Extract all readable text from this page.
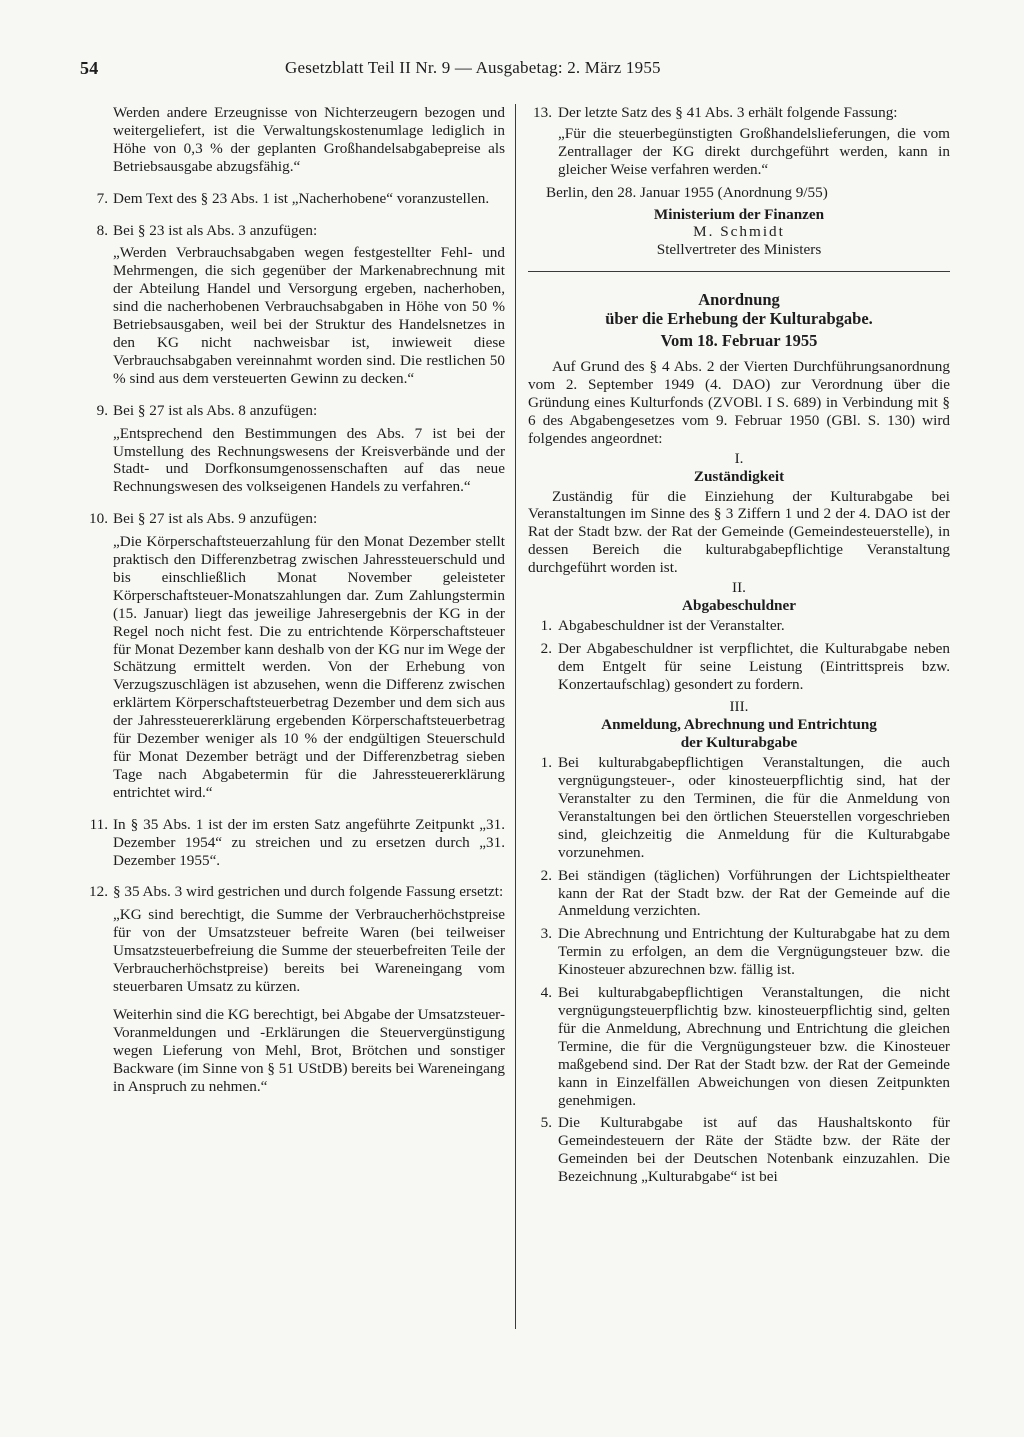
54	Gesetzblatt Teil II Nr. 9 — Ausgabetag: 2. März 1955
Werden andere Erzeugnisse von Nichterzeugern bezogen und weitergeliefert, ist die Verwaltungskostenumlage lediglich in Höhe von 0,3 % der geplanten Großhandelsabgabepreise als Betriebsausgabe abzugsfähig.“
7. Dem Text des § 23 Abs. 1 ist „Nacherhobene“ voranzustellen.
8. Bei § 23 ist als Abs. 3 anzufügen:
„Werden Verbrauchsabgaben wegen festgestellter Fehl- und Mehrmengen, die sich gegenüber der Markenabrechnung mit der Abteilung Handel und Versorgung ergeben, nacherhoben, sind die nacherhobenen Verbrauchsabgaben in Höhe von 50 % Betriebsausgaben, weil bei der Struktur des Handelsnetzes in den KG nicht nachweisbar ist, inwieweit diese Verbrauchsabgaben vereinnahmt worden sind. Die restlichen 50 % sind aus dem versteuerten Gewinn zu decken.“
9. Bei § 27 ist als Abs. 8 anzufügen:
„Entsprechend den Bestimmungen des Abs. 7 ist bei der Umstellung des Rechnungswesens der Kreisverbände und der Stadt- und Dorfkonsumgenossenschaften auf das neue Rechnungswesen des volkseigenen Handels zu verfahren.“
10. Bei § 27 ist als Abs. 9 anzufügen:
„Die Körperschaftsteuerzahlung für den Monat Dezember stellt praktisch den Differenzbetrag zwischen Jahressteuerschuld und bis einschließlich Monat November geleisteter Körperschaftsteuer-Monatszahlungen dar. Zum Zahlungstermin (15. Januar) liegt das jeweilige Jahresergebnis der KG in der Regel noch nicht fest. Die zu entrichtende Körperschaftsteuer für Monat Dezember kann deshalb von der KG nur im Wege der Schätzung ermittelt werden. Von der Erhebung von Verzugszuschlägen ist abzusehen, wenn die Differenz zwischen erklärtem Körperschaftsteuerbetrag Dezember und dem sich aus der Jahressteuererklärung ergebenden Körperschaftsteuerbetrag für Dezember weniger als 10 % der endgültigen Steuerschuld für Monat Dezember beträgt und der Differenzbetrag sieben Tage nach Abgabetermin für die Jahressteuererklärung entrichtet wird.“
11. In § 35 Abs. 1 ist der im ersten Satz angeführte Zeitpunkt „31. Dezember 1954“ zu streichen und zu ersetzen durch „31. Dezember 1955“.
12. § 35 Abs. 3 wird gestrichen und durch folgende Fassung ersetzt:
„KG sind berechtigt, die Summe der Verbraucherhöchstpreise für von der Umsatzsteuer befreite Waren (bei teilweiser Umsatzsteuerbefreiung die Summe der steuerbefreiten Teile der Verbraucherhöchstpreise) bereits bei Wareneingang vom steuerbaren Umsatz zu kürzen.
Weiterhin sind die KG berechtigt, bei Abgabe der Umsatzsteuer-Voranmeldungen und -Erklärungen die Steuervergünstigung wegen Lieferung von Mehl, Brot, Brötchen und sonstiger Backware (im Sinne von § 51 UStDB) bereits bei Wareneingang in Anspruch zu nehmen.“
13. Der letzte Satz des § 41 Abs. 3 erhält folgende Fassung:
„Für die steuerbegünstigten Großhandelslieferungen, die vom Zentrallager der KG direkt durchgeführt werden, kann in gleicher Weise verfahren werden.“
Berlin, den 28. Januar 1955 (Anordnung 9/55)
Ministerium der Finanzen
M. Schmidt
Stellvertreter des Ministers
Anordnung
über die Erhebung der Kulturabgabe.
Vom 18. Februar 1955
Auf Grund des § 4 Abs. 2 der Vierten Durchführungsanordnung vom 2. September 1949 (4. DAO) zur Verordnung über die Gründung eines Kulturfonds (ZVOBl. I S. 689) in Verbindung mit § 6 des Abgabengesetzes vom 9. Februar 1950 (GBl. S. 130) wird folgendes angeordnet:
I.
Zuständigkeit
Zuständig für die Einziehung der Kulturabgabe bei Veranstaltungen im Sinne des § 3 Ziffern 1 und 2 der 4. DAO ist der Rat der Stadt bzw. der Rat der Gemeinde (Gemeindesteuerstelle), in dessen Bereich die kulturabgabepflichtige Veranstaltung durchgeführt worden ist.
II.
Abgabeschuldner
1. Abgabeschuldner ist der Veranstalter.
2. Der Abgabeschuldner ist verpflichtet, die Kulturabgabe neben dem Entgelt für seine Leistung (Eintrittspreis bzw. Konzertaufschlag) gesondert zu fordern.
III.
Anmeldung, Abrechnung und Entrichtung
der Kulturabgabe
1. Bei kulturabgabepflichtigen Veranstaltungen, die auch vergnügungsteuer-, oder kinosteuerpflichtig sind, hat der Veranstalter zu den Terminen, die für die Anmeldung von Veranstaltungen bei den örtlichen Steuerstellen vorgeschrieben sind, gleichzeitig die Anmeldung für die Kulturabgabe vorzunehmen.
2. Bei ständigen (täglichen) Vorführungen der Lichtspieltheater kann der Rat der Stadt bzw. der Rat der Gemeinde auf die Anmeldung verzichten.
3. Die Abrechnung und Entrichtung der Kulturabgabe hat zu dem Termin zu erfolgen, an dem die Vergnügungsteuer bzw. die Kinosteuer abzurechnen bzw. fällig ist.
4. Bei kulturabgabepflichtigen Veranstaltungen, die nicht vergnügungsteuerpflichtig bzw. kinosteuerpflichtig sind, gelten für die Anmeldung, Abrechnung und Entrichtung die gleichen Termine, die für die Vergnügungsteuer bzw. die Kinosteuer maßgebend sind. Der Rat der Stadt bzw. der Rat der Gemeinde kann in Einzelfällen Abweichungen von diesen Zeitpunkten genehmigen.
5. Die Kulturabgabe ist auf das Haushaltskonto für Gemeindesteuern der Räte der Städte bzw. der Räte der Gemeinden bei der Deutschen Notenbank einzuzahlen. Die Bezeichnung „Kulturabgabe“ ist bei
